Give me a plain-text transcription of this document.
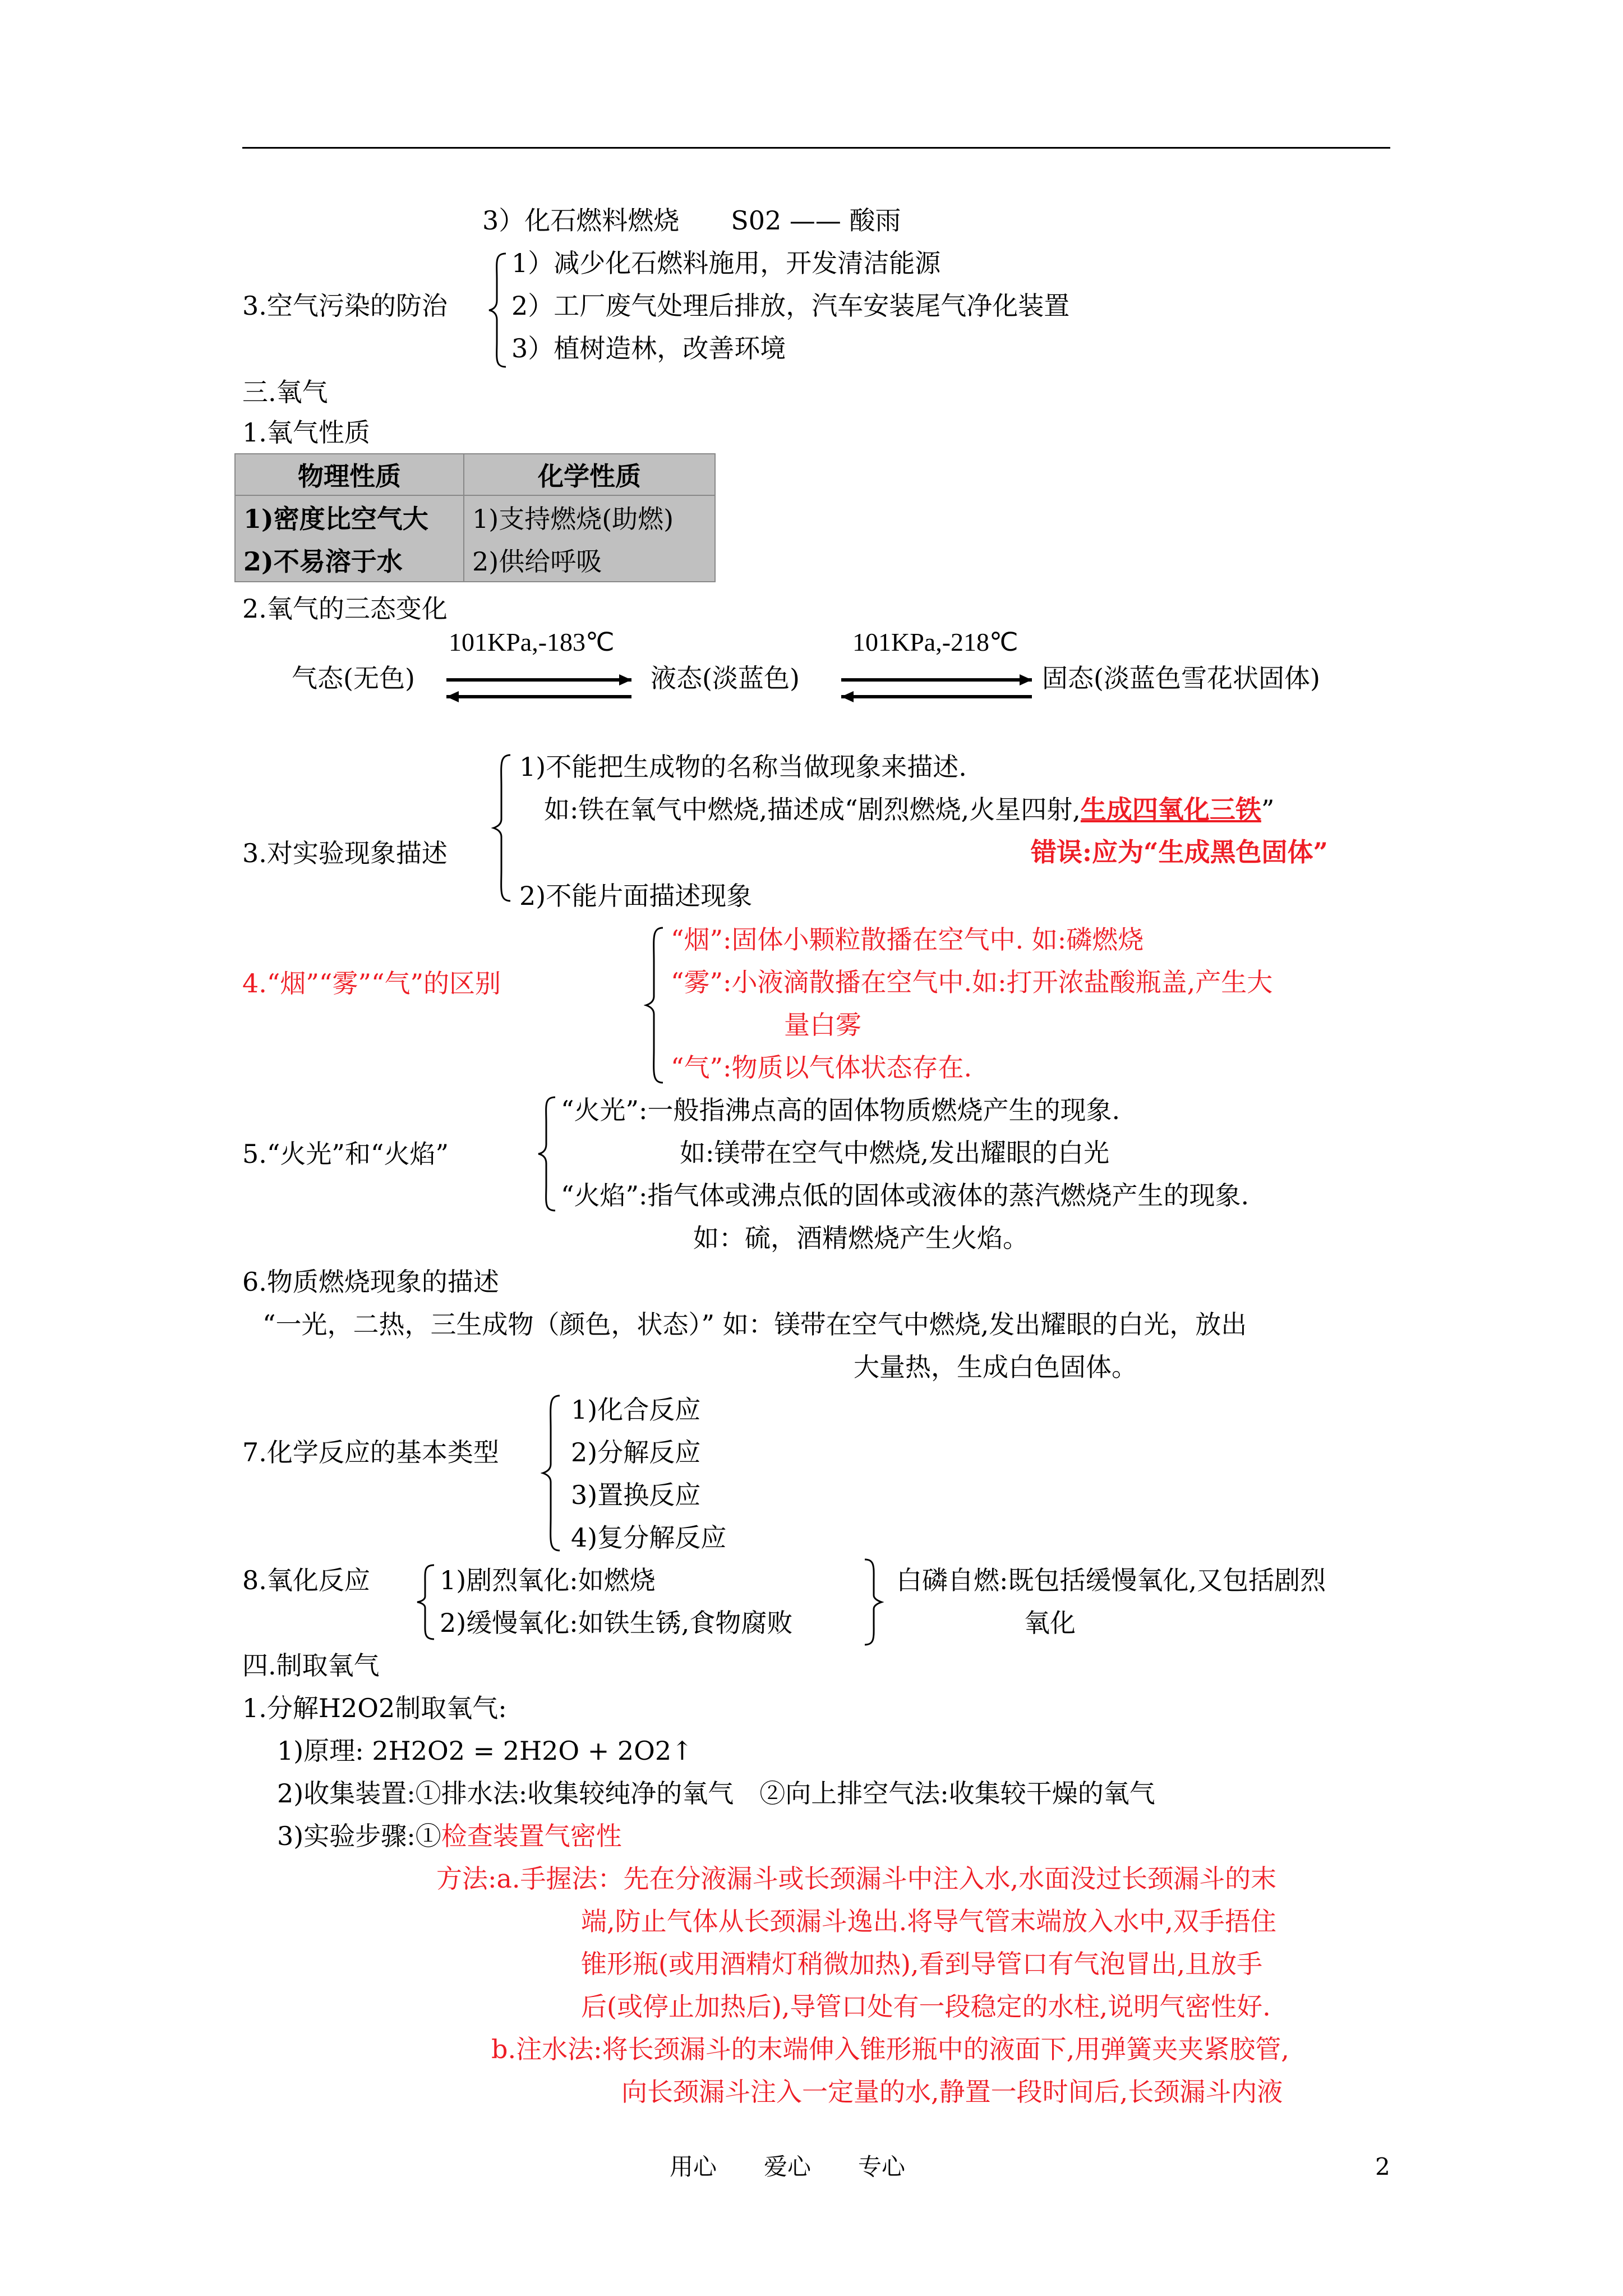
3）化石燃料燃烧　　S02 —— 酸雨
3.空气污染的防治
1）减少化石燃料施用，开发清洁能源
2）工厂废气处理后排放，汽车安装尾气净化装置
3）植树造林，改善环境
三.氧气
1.氧气性质
物理性质	化学性质
1)密度比空气大	1)支持燃烧(助燃)
2)不易溶于水	2)供给呼吸
2.氧气的三态变化
101KPa,-183℃	101KPa,-218℃
气态(无色)	液态(淡蓝色)	固态(淡蓝色雪花状固体)
3.对实验现象描述
1)不能把生成物的名称当做现象来描述.
如:铁在氧气中燃烧,描述成“剧烈燃烧,火星四射,生成四氧化三铁”
错误:应为“生成黑色固体”
2)不能片面描述现象
4.“烟”“雾”“气”的区别
“烟”:固体小颗粒散播在空气中. 如:磷燃烧
“雾”:小液滴散播在空气中.如:打开浓盐酸瓶盖,产生大
量白雾
“气”:物质以气体状态存在.
5.“火光”和“火焰”
“火光”:一般指沸点高的固体物质燃烧产生的现象.
如:镁带在空气中燃烧,发出耀眼的白光
“火焰”:指气体或沸点低的固体或液体的蒸汽燃烧产生的现象.
如：硫，酒精燃烧产生火焰。
6.物质燃烧现象的描述
“一光，二热，三生成物（颜色，状态）” 如：镁带在空气中燃烧,发出耀眼的白光，放出
大量热，生成白色固体。
7.化学反应的基本类型
1)化合反应
2)分解反应
3)置换反应
4)复分解反应
8.氧化反应	1)剧烈氧化:如燃烧
2)缓慢氧化:如铁生锈,食物腐败
白磷自燃:既包括缓慢氧化,又包括剧烈
氧化
四.制取氧气
1.分解H2O2制取氧气:
1)原理: 2H2O2 = 2H2O + 2O2↑
2)收集装置:①排水法:收集较纯净的氧气　②向上排空气法:收集较干燥的氧气
3)实验步骤:①检查装置气密性
方法:a.手握法：先在分液漏斗或长颈漏斗中注入水,水面没过长颈漏斗的末
端,防止气体从长颈漏斗逸出.将导气管末端放入水中,双手捂住
锥形瓶(或用酒精灯稍微加热),看到导管口有气泡冒出,且放手
后(或停止加热后),导管口处有一段稳定的水柱,说明气密性好.
b.注水法:将长颈漏斗的末端伸入锥形瓶中的液面下,用弹簧夹夹紧胶管,
向长颈漏斗注入一定量的水,静置一段时间后,长颈漏斗内液
用心　　爱心　　专心	2
